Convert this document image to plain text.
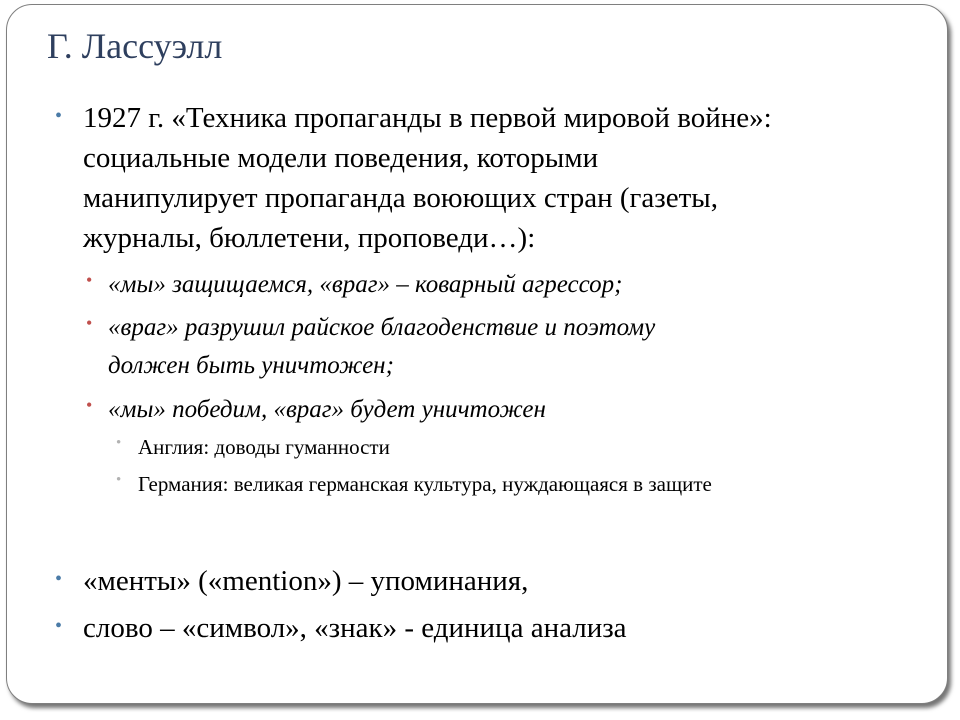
Г. Лассуэлл
• 1927 г. «Техника пропаганды в первой мировой войне»:
социальные модели поведения, которыми
манипулирует пропаганда воюющих стран (газеты,
журналы, бюллетени, проповеди…):
• «мы» защищаемся, «враг» – коварный агрессор;
• «враг» разрушил райское благоденствие и поэтому
должен быть уничтожен;
• «мы» победим, «враг» будет уничтожен
• Англия: доводы гуманности
• Германия: великая германская культура, нуждающаяся в защите
• «менты» («mention») – упоминания,
• слово – «символ», «знак» - единица анализа
